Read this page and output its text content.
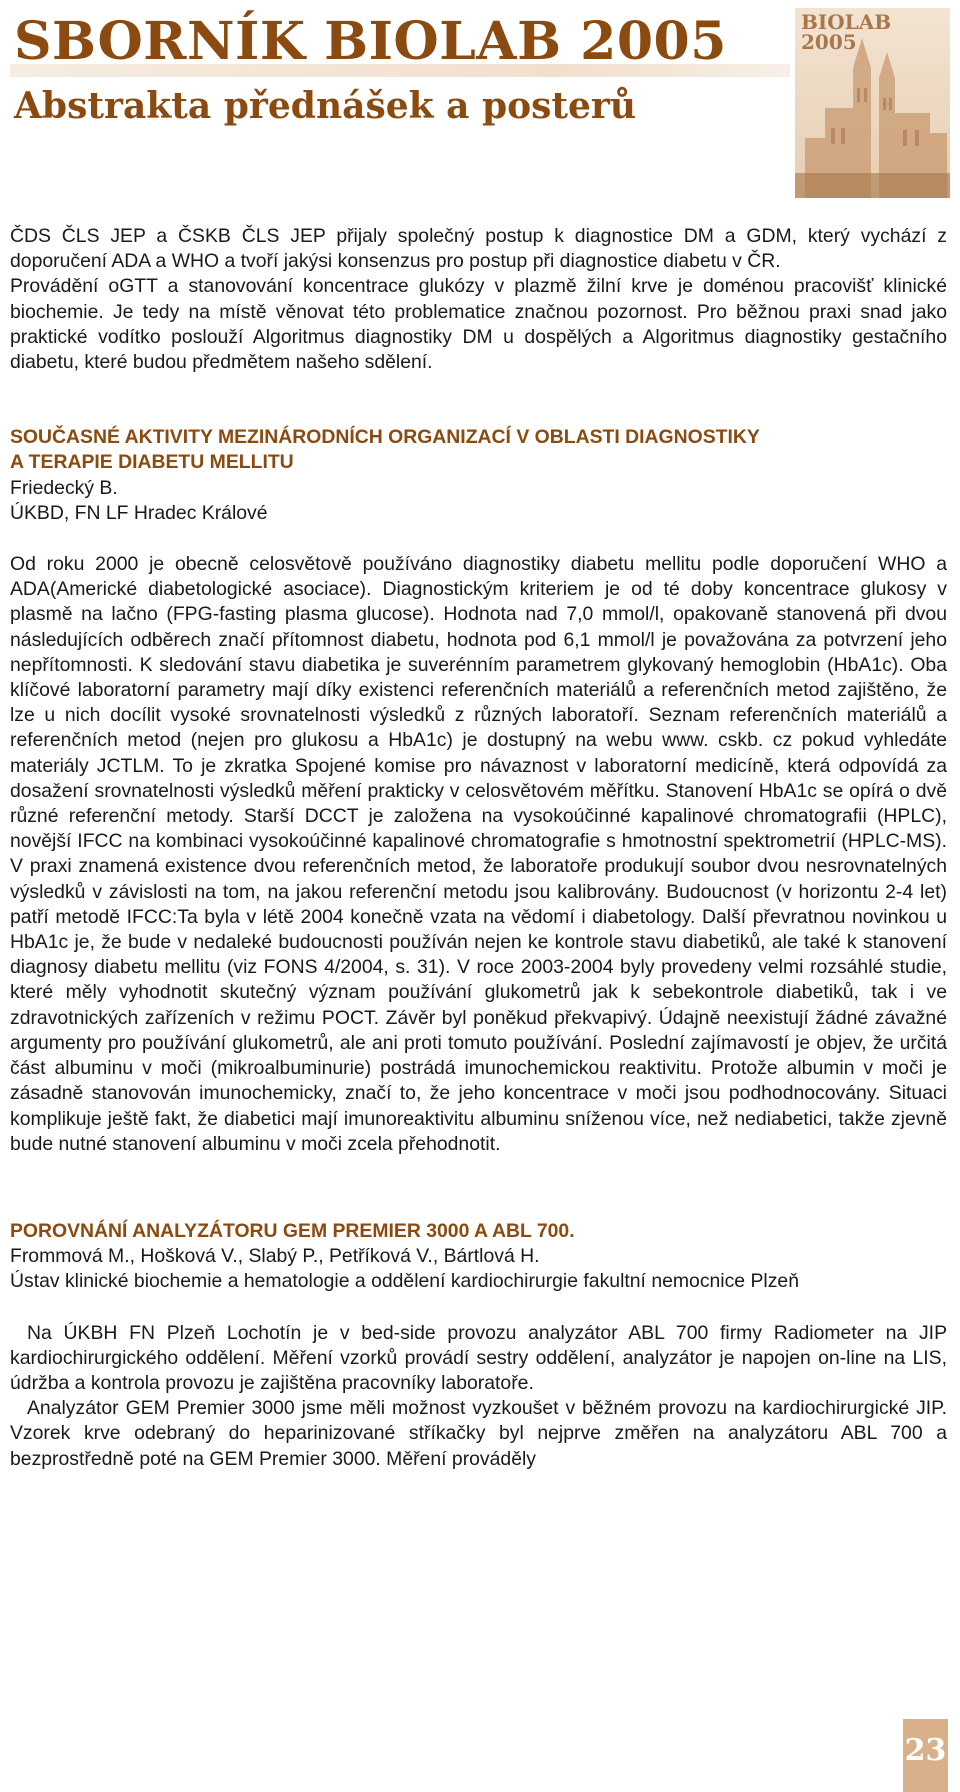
SBORNÍK BIOLAB 2005
Abstrakta přednášek a posterů
BIOLAB
2005

ČDS ČLS JEP a ČSKB ČLS JEP přijaly společný postup k diagnostice DM a GDM, který vychází z doporučení ADA a WHO a tvoří jakýsi konsenzus pro postup při diagnostice diabetu v ČR.

Provádění oGTT a stanovování koncentrace glukózy v plazmě žilní krve je doménou pracovišť klinické biochemie. Je tedy na místě věnovat této problematice značnou pozornost. Pro běžnou praxi snad jako praktické vodítko poslouží Algoritmus diagnostiky DM u dospělých a Algoritmus diagnostiky gestačního diabetu, které budou předmětem našeho sdělení.

SOUČASNÉ AKTIVITY MEZINÁRODNÍCH ORGANIZACÍ V OBLASTI DIAGNOSTIKY
A TERAPIE DIABETU MELLITU

Friedecký B.

ÚKBD, FN LF Hradec Králové

Od roku 2000 je obecně celosvětově používáno diagnostiky diabetu mellitu podle doporučení WHO a ADA(Americké diabetologické asociace). Diagnostickým kriteriem je od té doby koncentrace glukosy v plasmě na lačno (FPG-fasting plasma glucose). Hodnota nad 7,0 mmol/l, opakovaně stanovená při dvou následujících odběrech značí přítomnost diabetu, hodnota pod 6,1 mmol/l je považována za potvrzení jeho nepřítomnosti. K sledování stavu diabetika je suverénním parametrem glykovaný hemoglobin (HbA1c). Oba klíčové laboratorní parametry mají díky existenci referenčních materiálů a referenčních metod zajištěno, že lze u nich docílit vysoké srovnatelnosti výsledků z různých laboratoří. Seznam referenčních materiálů a referenčních metod (nejen pro glukosu a HbA1c) je dostupný na webu www. cskb. cz pokud vyhledáte materiály JCTLM. To je zkratka Spojené komise pro návaznost v laboratorní medicíně, která odpovídá za dosažení srovnatelnosti výsledků měření prakticky v celosvětovém měřítku. Stanovení HbA1c se opírá o dvě různé referenční metody. Starší DCCT je založena na vysokoúčinné kapalinové chromatografii (HPLC), novější IFCC na kombinaci vysokoúčinné kapalinové chromatografie s hmotnostní spektrometrií (HPLC-MS). V praxi znamená existence dvou referenčních metod, že laboratoře produkují soubor dvou nesrovnatelných výsledků v závislosti na tom, na jakou referenční metodu jsou kalibrovány. Budoucnost (v horizontu 2-4 let) patří metodě IFCC:Ta byla v létě 2004 konečně vzata na vědomí i diabetology. Další převratnou novinkou u HbA1c je, že bude v nedaleké budoucnosti používán nejen ke kontrole stavu diabetiků, ale také k stanovení diagnosy diabetu mellitu (viz FONS 4/2004, s. 31). V roce 2003-2004 byly provedeny velmi rozsáhlé studie, které měly vyhodnotit skutečný význam používání glukometrů jak k sebekontrole diabetiků, tak i ve zdravotnických zařízeních v režimu POCT. Závěr byl poněkud překvapivý. Údajně neexistují žádné závažné argumenty pro používání glukometrů, ale ani proti tomuto používání. Poslední zajímavostí je objev, že určitá část albuminu v moči (mikroalbuminurie) postrádá imunochemickou reaktivitu. Protože albumin v moči je zásadně stanovován imunochemicky, značí to, že jeho koncentrace v moči jsou podhodnocovány. Situaci komplikuje ještě fakt, že diabetici mají imunoreaktivitu albuminu sníženou více, než nediabetici, takže zjevně bude nutné stanovení albuminu v moči zcela přehodnotit.

POROVNÁNÍ ANALYZÁTORU GEM PREMIER 3000 A ABL 700.

Frommová M., Hošková V., Slabý P., Petříková V., Bártlová H.

Ústav klinické biochemie a hematologie a oddělení kardiochirurgie fakultní nemocnice Plzeň

Na ÚKBH FN Plzeň Lochotín je v bed-side provozu analyzátor ABL 700 firmy Radiometer na JIP kardiochirurgického oddělení. Měření vzorků provádí sestry oddělení, analyzátor je napojen on-line na LIS, údržba a kontrola provozu je zajištěna pracovníky laboratoře.

Analyzátor GEM Premier 3000 jsme měli možnost vyzkoušet v běžném provozu na kardiochirurgické JIP. Vzorek krve odebraný do heparinizované stříkačky byl nejprve změřen na analyzátoru ABL 700 a bezprostředně poté na GEM Premier 3000. Měření prováděly

23
